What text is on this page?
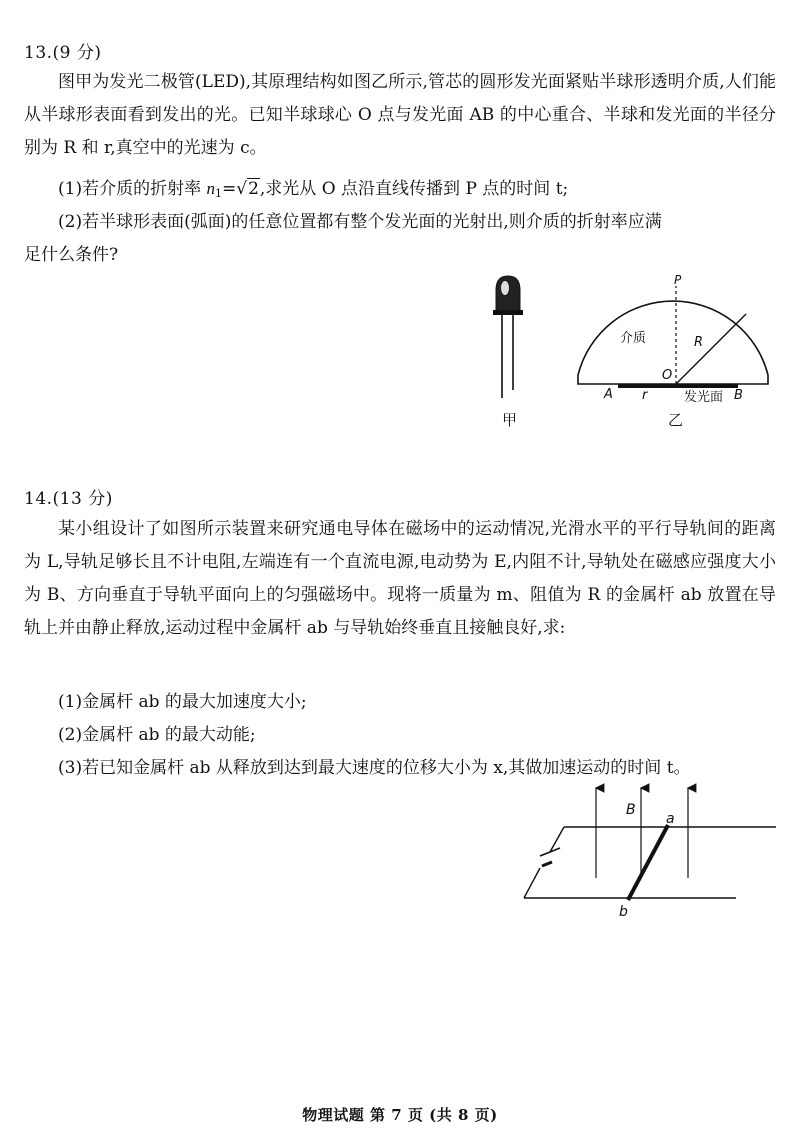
13.(9 分)
图甲为发光二极管(LED),其原理结构如图乙所示,管芯的圆形发光面紧贴半球形透明介质,人们能从半球形表面看到发出的光。已知半球球心 O 点与发光面 AB 的中心重合、半球和发光面的半径分别为 R 和 r,真空中的光速为 c。
(1)若介质的折射率 $n_1=√2$,求光从 O 点沿直线传播到 P 点的时间 t;
(2)若半球形表面(弧面)的任意位置都有整个发光面的光射出,则介质的折射率应满
足什么条件?
甲
P
介质	R
O
A r	发光面 B
乙
14.(13 分)
某小组设计了如图所示装置来研究通电导体在磁场中的运动情况,光滑水平的平行导轨间的距离为 L,导轨足够长且不计电阻,左端连有一个直流电源,电动势为 E,内阻不计,导轨处在磁感应强度大小为 B、方向垂直于导轨平面向上的匀强磁场中。现将一质量为 m、阻值为 R 的金属杆 ab 放置在导轨上并由静止释放,运动过程中金属杆 ab 与导轨始终垂直且接触良好,求:
(1)金属杆 ab 的最大加速度大小;
(2)金属杆 ab 的最大动能;
(3)若已知金属杆 ab 从释放到达到最大速度的位移大小为 x,其做加速运动的时间 t。
B
a
b
物理试题 第 7 页 (共 8 页)
